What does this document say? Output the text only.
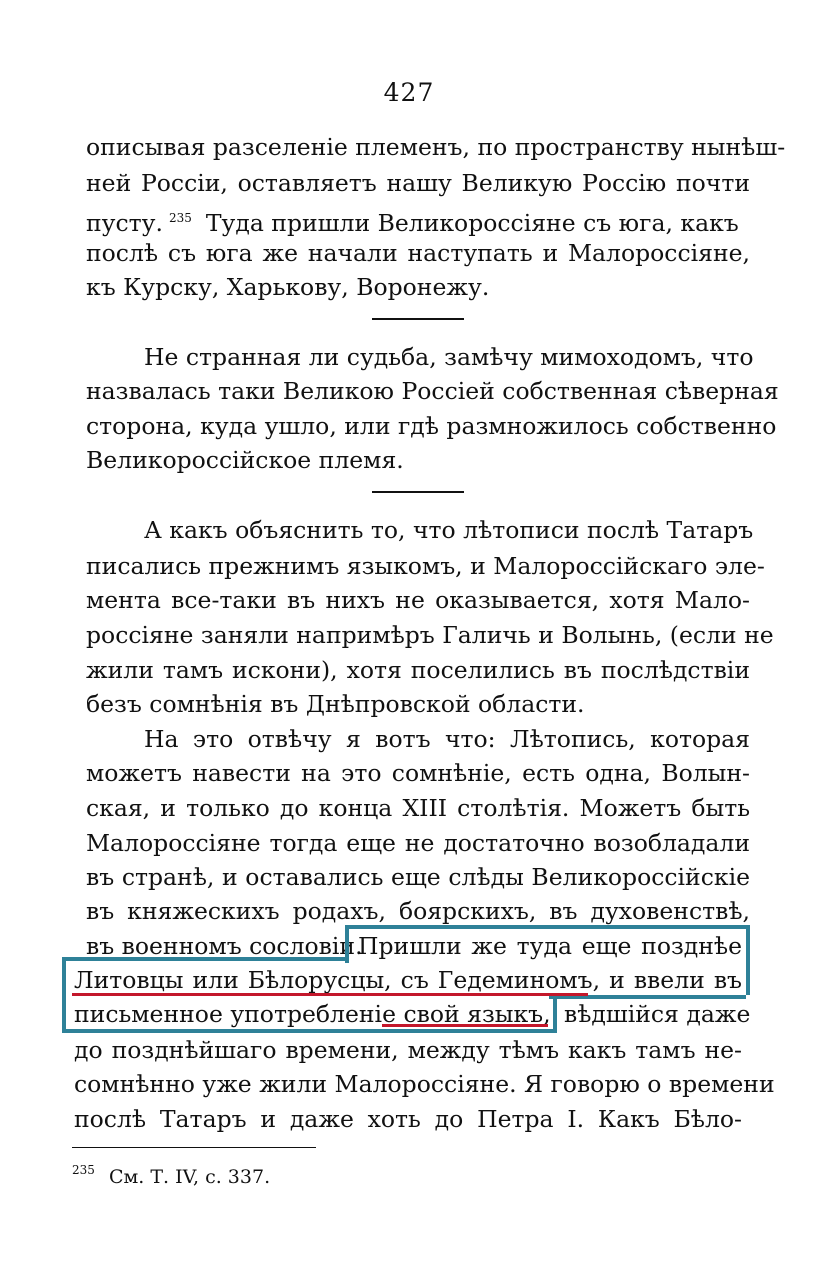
427
описывая разселеніе племенъ, по пространству нынѣш-
ней Россіи, оставляетъ нашу Великую Россію почти
пусту. $^{235}$ Туда пришли Великороссіяне съ юга, какъ
послѣ съ юга же начали наступать и Малороссіяне,
къ Курску, Харькову, Воронежу.
Не странная ли судьба, замѣчу мимоходомъ, что
назвалась таки Великою Россіей собственная сѣверная
сторона, куда ушло, или гдѣ размножилось собственно
Великороссійское племя.
А какъ объяснить то, что лѣтописи послѣ Татаръ
писались прежнимъ языкомъ, и Малороссійскаго эле-
мента все-таки въ нихъ не оказывается, хотя Мало-
россіяне заняли напримѣръ Галичь и Волынь, (если не
жили тамъ искони), хотя поселились въ послѣдствіи
безъ сомнѣнія въ Днѣпровской области.
На это отвѣчу я вотъ что: Лѣтопись, которая
можетъ навести на это сомнѣніе, есть одна, Волын-
ская, и только до конца XIII столѣтія. Можетъ быть
Малороссіяне тогда еще не достаточно возобладали
въ странѣ, и оставались еще слѣды Великороссійскіе
въ княжескихъ родахъ, боярскихъ, въ духовенствѣ,
въ военномъ сословіи.
Пришли же туда еще позднѣе
Литовцы или Бѣлорусцы, съ Гедеминомъ, и ввели въ
письменное употребленіе свой языкъ, вѣдшійся даже
до позднѣйшаго времени, между тѣмъ какъ тамъ не-
сомнѣнно уже жили Малороссіяне. Я говорю о времени
послѣ Татаръ и даже хоть до Петра I. Какъ Бѣло-
$^{235}$ См. Т. IV, с. 337.
